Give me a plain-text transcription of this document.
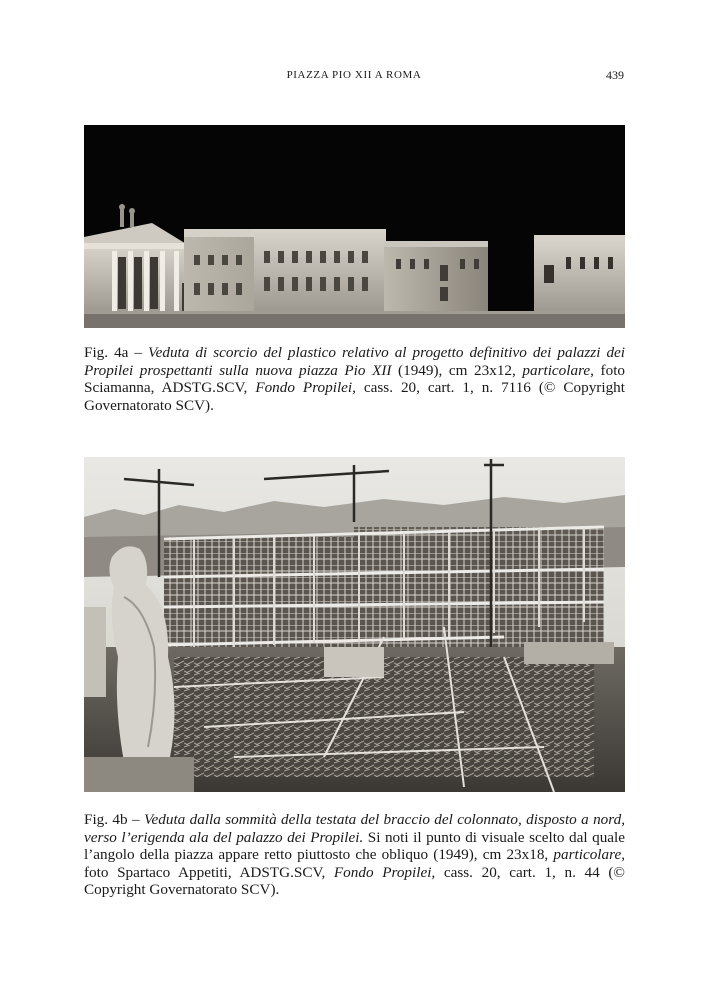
PIAZZA PIO XII A ROMA	439

Fig. 4a – Veduta di scorcio del plastico relativo al progetto definitivo dei palazzi dei Propilei prospettanti sulla nuova piazza Pio XII (1949), cm 23x12, particolare, foto Sciamanna, ADSTG.SCV, Fondo Propilei, cass. 20, cart. 1, n. 7116 (© Copyright Governatorato SCV).

Fig. 4b – Veduta dalla sommità della testata del braccio del colonnato, disposto a nord, verso l’erigenda ala del palazzo dei Propilei. Si noti il punto di visuale scelto dal quale l’angolo della piazza appare retto piuttosto che obliquo (1949), cm 23x18, particolare, foto Spartaco Appetiti, ADSTG.SCV, Fondo Propilei, cass. 20, cart. 1, n. 44 (© Copyright Governatorato SCV).
